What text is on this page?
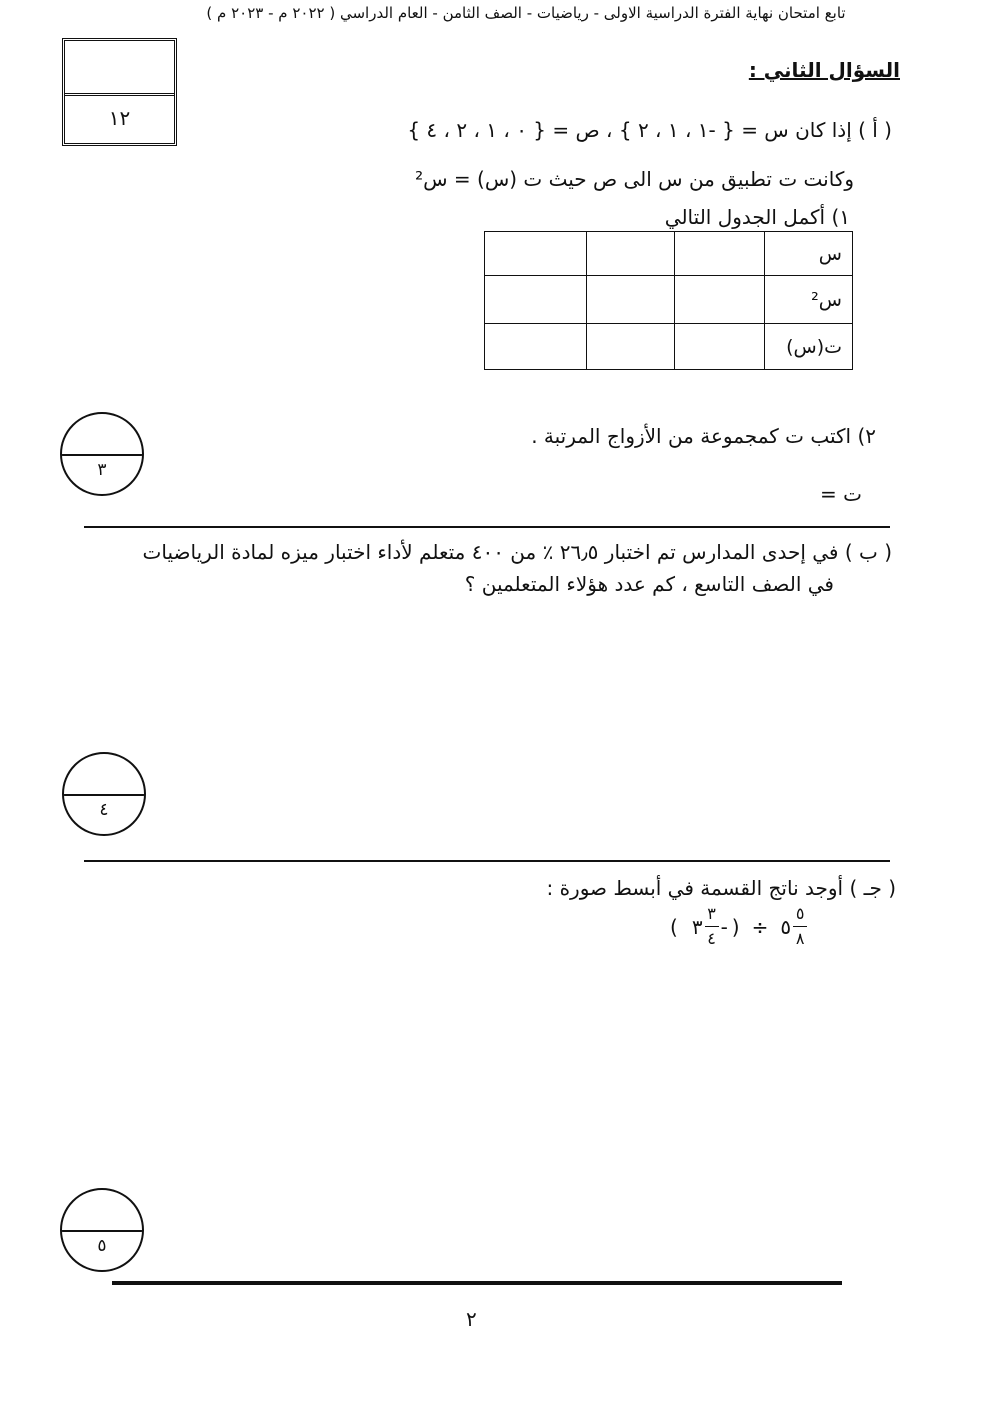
تابع امتحان نهاية الفترة الدراسية الاولى - رياضيات - الصف الثامن - العام الدراسي ( ٢٠٢٢ م - ٢٠٢٣ م )
١٢
السؤال الثاني :
( أ ) إذا كان س = { -١ ، ١ ، ٢ } ، ص = { ٠ ، ١ ، ٢ ، ٤ }
وكانت ت تطبيق من س الى ص حيث ت (س) = س²
١) أكمل الجدول التالي
س			
س²			
ت(س)			
٣
٢) اكتب ت كمجموعة من الأزواج المرتبة .
ت =
( ب ) في إحدى المدارس تم اختبار ٢٦٫٥ ٪ من ٤٠٠ متعلم لأداء اختبار ميزه لمادة الرياضيات
في الصف التاسع ، كم عدد هؤلاء المتعلمين ؟
٤
( جـ ) أوجد ناتج القسمة في أبسط صورة :
( ٣ $\frac{٣}{٤}$ - ) ÷ ٥ $\frac{٥}{٨}$
٥
٢
